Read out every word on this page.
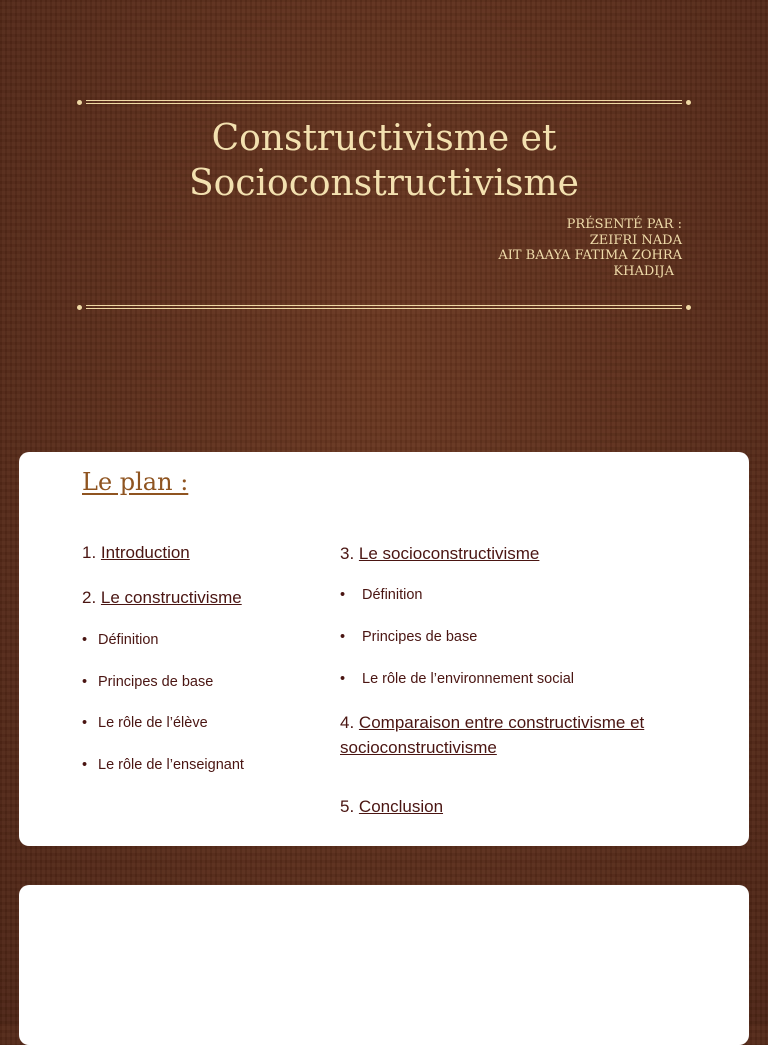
Constructivisme et
Socioconstructivisme
PRÉSENTÉ PAR :
ZEIFRI NADA
AIT BAAYA FATIMA ZOHRA
KHADIJA
Le plan :
1. Introduction
2. Le constructivisme
• Définition
• Principes de base
• Le rôle de l’élève
• Le rôle de l’enseignant
3. Le socioconstructivisme
• Définition
• Principes de base
• Le rôle de l’environnement social
4. Comparaison entre constructivisme et socioconstructivisme
5. Conclusion
